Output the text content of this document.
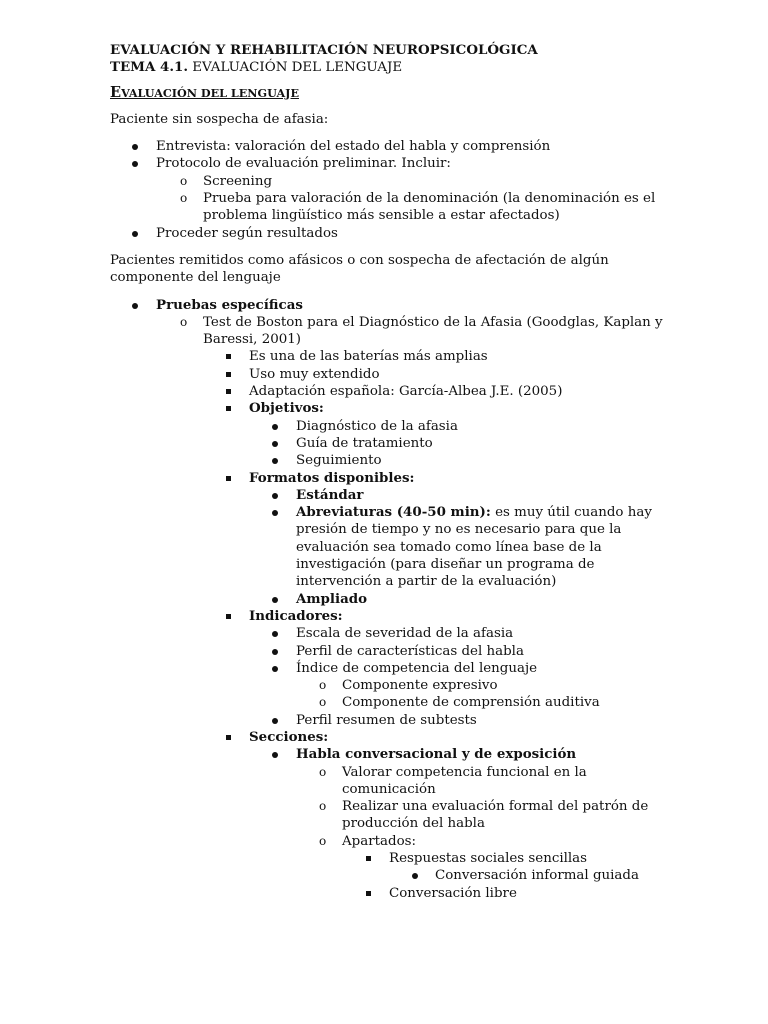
EVALUACIÓN Y REHABILITACIÓN NEUROPSICOLÓGICA
TEMA 4.1. EVALUACIÓN DEL LENGUAJE
EVALUACIÓN DEL LENGUAJE
Paciente sin sospecha de afasia:
Entrevista: valoración del estado del habla y comprensión
Protocolo de evaluación preliminar. Incluir:
o Screening
o Prueba para valoración de la denominación (la denominación es el
problema lingüístico más sensible a estar afectados)
Proceder según resultados
Pacientes remitidos como afásicos o con sospecha de afectación de algún
componente del lenguaje
Pruebas específicas
o Test de Boston para el Diagnóstico de la Afasia (Goodglas, Kaplan y
Baressi, 2001)
Es una de las baterías más amplias
Uso muy extendido
Adaptación española: García-Albea J.E. (2005)
Objetivos:
Diagnóstico de la afasia
Guía de tratamiento
Seguimiento
Formatos disponibles:
Estándar
Abreviaturas (40-50 min): es muy útil cuando hay
presión de tiempo y no es necesario para que la
evaluación sea tomado como línea base de la
investigación (para diseñar un programa de
intervención a partir de la evaluación)
Ampliado
Indicadores:
Escala de severidad de la afasia
Perfil de características del habla
Índice de competencia del lenguaje
o Componente expresivo
o Componente de comprensión auditiva
Perfil resumen de subtests
Secciones:
Habla conversacional y de exposición
o Valorar competencia funcional en la
comunicación
o Realizar una evaluación formal del patrón de
producción del habla
o Apartados:
Respuestas sociales sencillas
Conversación informal guiada
Conversación libre
